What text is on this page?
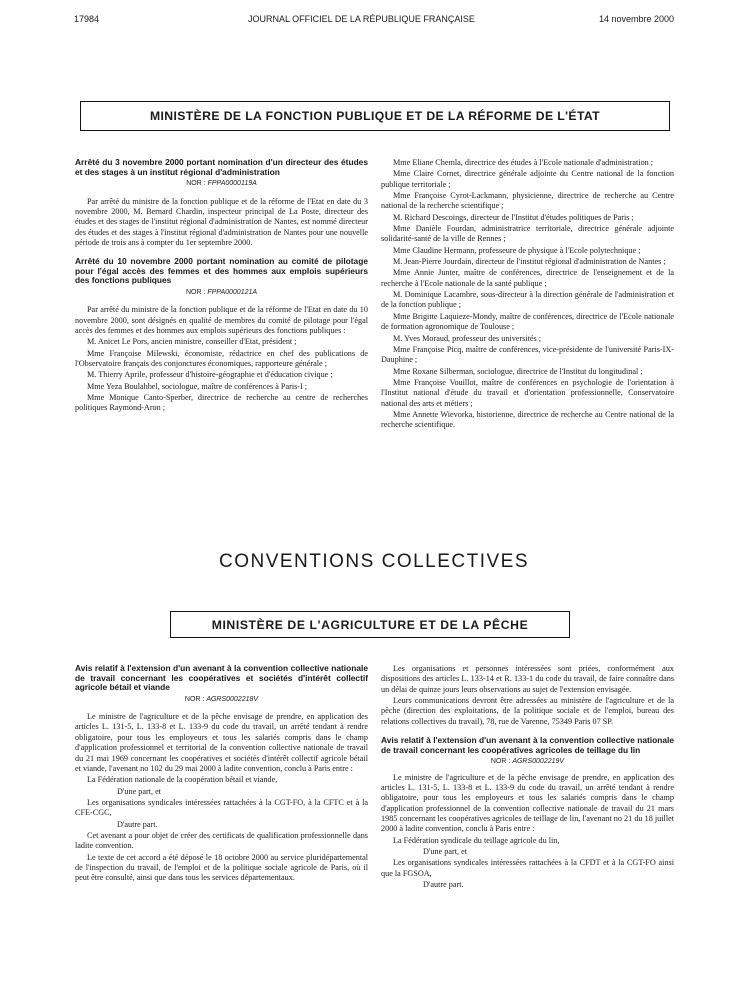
17984	JOURNAL OFFICIEL DE LA RÉPUBLIQUE FRANÇAISE	14 novembre 2000
MINISTÈRE DE LA FONCTION PUBLIQUE ET DE LA RÉFORME DE L'ÉTAT
Arrêté du 3 novembre 2000 portant nomination d'un directeur des études et des stages à un institut régional d'administration
NOR : FPPA0000119A

Par arrêté du ministre de la fonction publique et de la réforme de l'Etat en date du 3 novembre 2000, M. Bernard Chardin, inspecteur principal de La Poste, directeur des études et des stages de l'institut régional d'administration de Nantes, est nommé directeur des études et des stages à l'institut régional d'administration de Nantes pour une nouvelle période de trois ans à compter du 1er septembre 2000.

Arrêté du 10 novembre 2000 portant nomination au comité de pilotage pour l'égal accès des femmes et des hommes aux emplois supérieurs des fonctions publiques
NOR : FPPA0000121A

Par arrêté du ministre de la fonction publique et de la réforme de l'Etat en date du 10 novembre 2000, sont désignés en qualité de membres du comité de pilotage pour l'égal accès des femmes et des hommes aux emplois supérieurs des fonctions publiques :

M. Anicet Le Pors, ancien ministre, conseiller d'Etat, président ;

Mme Françoise Milewski, économiste, rédactrice en chef des publications de l'Observatoire français des conjonctures économiques, rapporteure générale ;

M. Thierry Aprile, professeur d'histoire-géographie et d'éducation civique ;

Mme Yeza Boulahbel, sociologue, maître de conférences à Paris-I ;

Mme Monique Canto-Sperber, directrice de recherche au centre de recherches politiques Raymond-Aron ;

Mme Eliane Chemla, directrice des études à l'Ecole nationale d'administration ;

Mme Claire Cornet, directrice générale adjointe du Centre national de la fonction publique territoriale ;

Mme Françoise Cyrot-Lackmann, physicienne, directrice de recherche au Centre national de la recherche scientifique ;

M. Richard Descoings, directeur de l'Institut d'études politiques de Paris ;

Mme Danièle Fourdan, administratrice territoriale, directrice générale adjointe solidarité-santé de la ville de Rennes ;

Mme Claudine Hermann, professeure de physique à l'Ecole polytechnique ;

M. Jean-Pierre Jourdain, directeur de l'institut régional d'administration de Nantes ;

Mme Annie Junter, maître de conférences, directrice de l'enseignement et de la recherche à l'Ecole nationale de la santé publique ;

M. Dominique Lacambre, sous-directeur à la direction générale de l'administration et de la fonction publique ;

Mme Brigitte Laquieze-Mondy, maître de conférences, directrice de l'Ecole nationale de formation agronomique de Toulouse ;

M. Yves Moraud, professeur des universités ;

Mme Françoise Picq, maître de conférences, vice-présidente de l'université Paris-IX-Dauphine ;

Mme Roxane Silberman, sociologue, directrice de l'Institut du longitudinal ;

Mme Françoise Vouillot, maître de conférences en psychologie de l'orientation à l'Institut national d'étude du travail et d'orientation professionnelle, Conservatoire national des arts et métiers ;

Mme Annette Wievorka, historienne, directrice de recherche au Centre national de la recherche scientifique.

CONVENTIONS COLLECTIVES
MINISTÈRE DE L'AGRICULTURE ET DE LA PÊCHE
Avis relatif à l'extension d'un avenant à la convention collective nationale de travail concernant les coopératives et sociétés d'intérêt collectif agricole bétail et viande
NOR : AGRS0002218V

Le ministre de l'agriculture et de la pêche envisage de prendre, en application des articles L. 131-5, L. 133-8 et L. 133-9 du code du travail, un arrêté tendant à rendre obligatoire, pour tous les employeurs et tous les salariés compris dans le champ d'application professionnel et territorial de la convention collective nationale de travail du 21 mai 1969 concernant les coopératives et sociétés d'intérêt collectif agricole bétail et viande, l'avenant no 102 du 29 mai 2000 à ladite convention, conclu à Paris entre :

La Fédération nationale de la coopération bétail et viande,

D'une part, et

Les organisations syndicales intéressées rattachées à la CGT-FO, à la CFTC et à la CFE-CGC,

D'autre part.

Cet avenant a pour objet de créer des certificats de qualification professionnelle dans ladite convention.

Le texte de cet accord a été déposé le 18 octobre 2000 au service pluridépartemental de l'inspection du travail, de l'emploi et de la politique sociale agricole de Paris, où il peut être consulté, ainsi que dans tous les services départementaux.

Les organisations et personnes intéressées sont priées, conformément aux dispositions des articles L. 133-14 et R. 133-1 du code du travail, de faire connaître dans un délai de quinze jours leurs observations au sujet de l'extension envisagée.

Leurs communications devront être adressées au ministère de l'agriculture et de la pêche (direction des exploitations, de la politique sociale et de l'emploi, bureau des relations collectives du travail), 78, rue de Varenne, 75349 Paris 07 SP.

Avis relatif à l'extension d'un avenant à la convention collective nationale de travail concernant les coopératives agricoles de teillage du lin
NOR : AGRS0002219V

Le ministre de l'agriculture et de la pêche envisage de prendre, en application des articles L. 131-5, L. 133-8 et L. 133-9 du code du travail, un arrêté tendant à rendre obligatoire, pour tous les employeurs et tous les salariés compris dans le champ d'application professionnel de la convention collective nationale de travail du 21 mars 1985 concernant les coopératives agricoles de teillage de lin, l'avenant no 21 du 18 juillet 2000 à ladite convention, conclu à Paris entre :

La Fédération syndicale du teillage agricole du lin,

D'une part, et

Les organisations syndicales intéressées rattachées à la CFDT et à la CGT-FO ainsi que la FGSOA,

D'autre part.
